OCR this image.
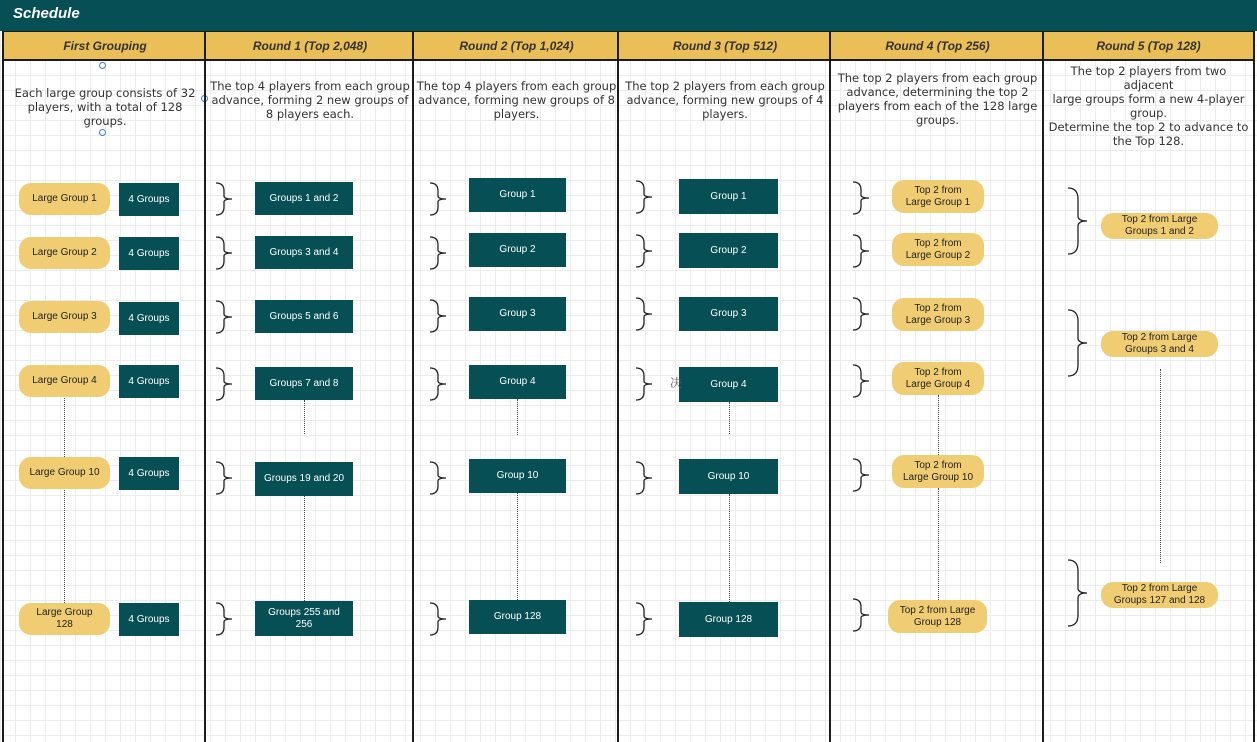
Schedule
First Grouping
Each large group consists of 32
players, with a total of 128 groups.
Large Group 1	4 Groups
Large Group 2	4 Groups
Large Group 3	4 Groups
Large Group 4	4 Groups
Large Group 10	4 Groups
Large Group
128	4 Groups
Round 1 (Top 2,048)
The top 4 players from each group
advance, forming 2 new groups of
8 players each.
Groups 1 and 2
Groups 3 and 4
Groups 5 and 6
Groups 7 and 8
Groups 19 and 20
Groups 255 and
256
Round 2 (Top 1,024)
The top 4 players from each group
advance, forming new groups of 8
players.
Group 1
Group 2
Group 3
Group 4
Group 10
Group 128
Round 3 (Top 512)
The top 2 players from each group
advance, forming new groups of 4
players.
Group 1
Group 2
Group 3
Group 4
决
Group 10
Group 128
Round 4 (Top 256)
The top 2 players from each group
advance, determining the top 2
players from each of the 128 large
groups.
Top 2 from
Large Group 1
Top 2 from
Large Group 2
Top 2 from
Large Group 3
Top 2 from
Large Group 4
Top 2 from
Large Group 10
Top 2 from Large
Group 128
Round 5 (Top 128)
The top 2 players from two adjacent
large groups form a new 4-player
group.
Determine the top 2 to advance to
the Top 128.
Top 2 from Large
Groups 1 and 2
Top 2 from Large
Groups 3 and 4
Top 2 from Large
Groups 127 and 128
